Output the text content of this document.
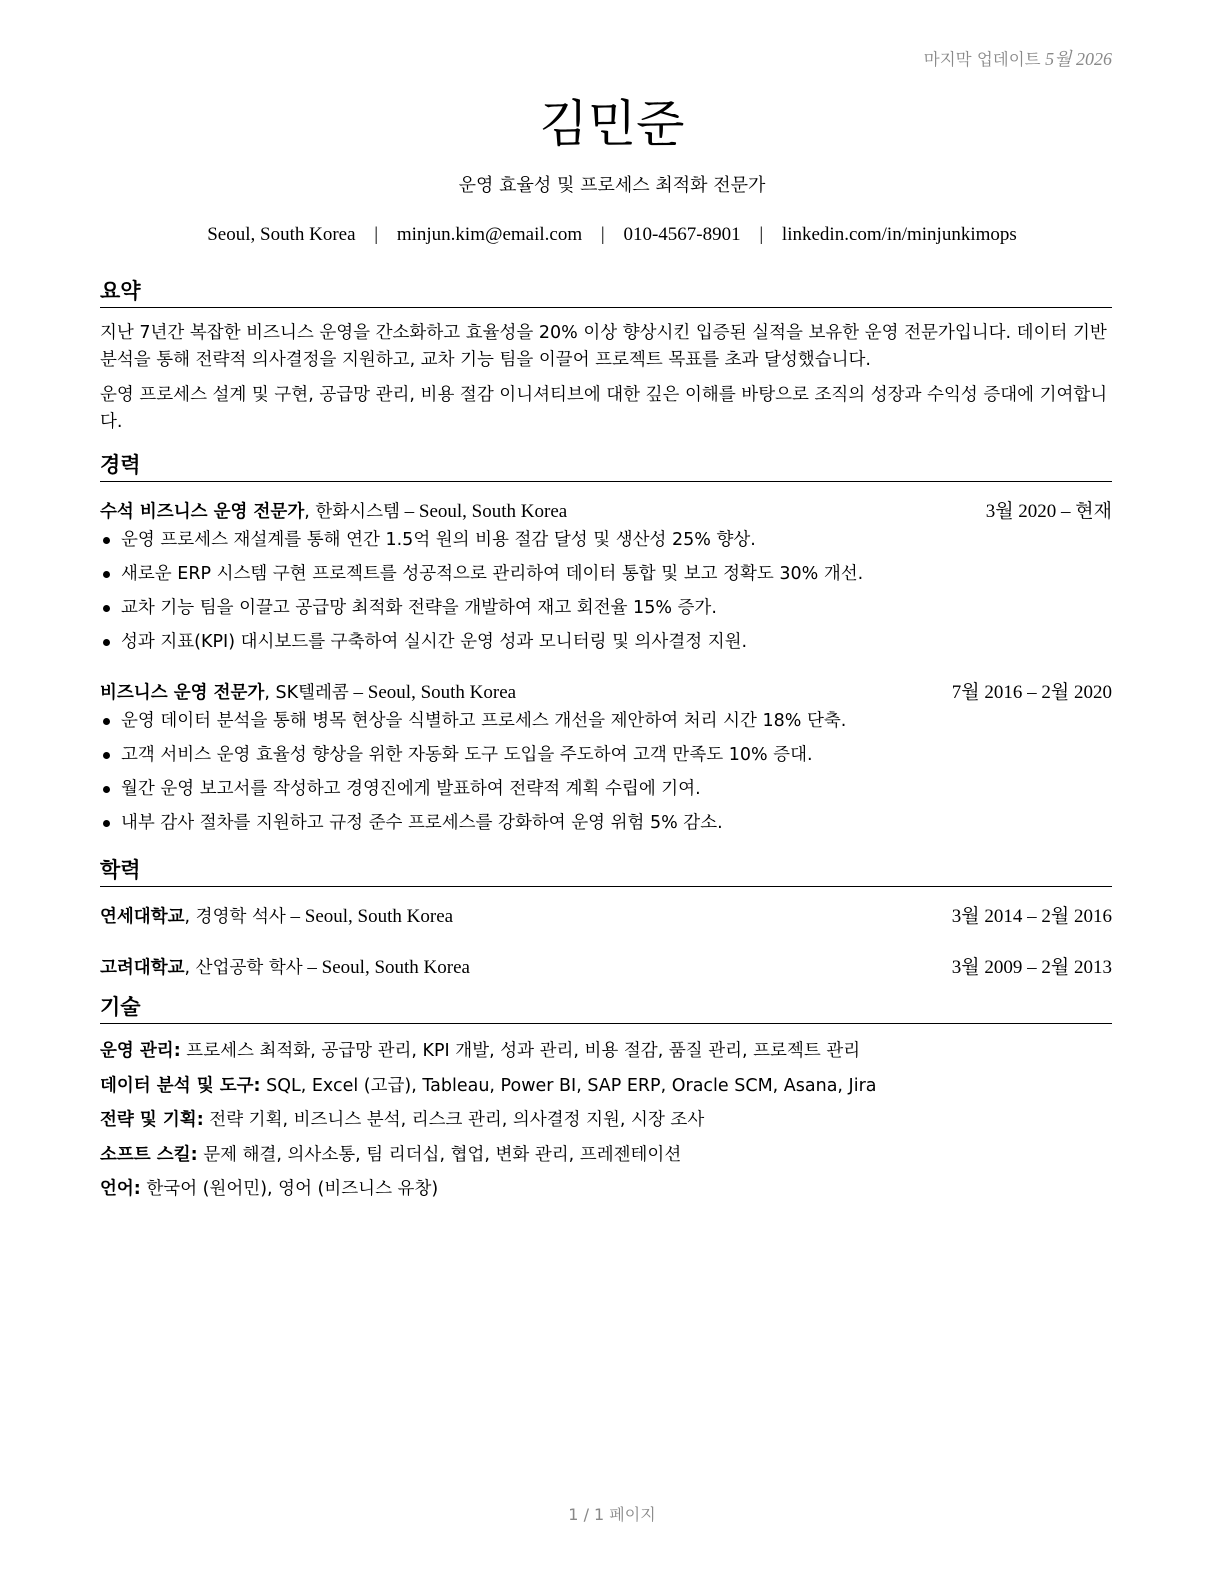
마지막 업데이트 5월 2026
김민준
운영 효율성 및 프로세스 최적화 전문가
Seoul, South Korea | minjun.kim@email.com | 010-4567-8901 | linkedin.com/in/minjunkimops
요약

지난 7년간 복잡한 비즈니스 운영을 간소화하고 효율성을 20% 이상 향상시킨 입증된 실적을 보유한 운영 전문가입니다. 데이터 기반 분석을 통해 전략적 의사결정을 지원하고, 교차 기능 팀을 이끌어 프로젝트 목표를 초과 달성했습니다.

운영 프로세스 설계 및 구현, 공급망 관리, 비용 절감 이니셔티브에 대한 깊은 이해를 바탕으로 조직의 성장과 수익성 증대에 기여합니다.

경력
수석 비즈니스 운영 전문가, 한화시스템 – Seoul, South Korea	3월 2020 – 현재
운영 프로세스 재설계를 통해 연간 1.5억 원의 비용 절감 달성 및 생산성 25% 향상.
새로운 ERP 시스템 구현 프로젝트를 성공적으로 관리하여 데이터 통합 및 보고 정확도 30% 개선.
교차 기능 팀을 이끌고 공급망 최적화 전략을 개발하여 재고 회전율 15% 증가.
성과 지표(KPI) 대시보드를 구축하여 실시간 운영 성과 모니터링 및 의사결정 지원.
비즈니스 운영 전문가, SK텔레콤 – Seoul, South Korea	7월 2016 – 2월 2020
운영 데이터 분석을 통해 병목 현상을 식별하고 프로세스 개선을 제안하여 처리 시간 18% 단축.
고객 서비스 운영 효율성 향상을 위한 자동화 도구 도입을 주도하여 고객 만족도 10% 증대.
월간 운영 보고서를 작성하고 경영진에게 발표하여 전략적 계획 수립에 기여.
내부 감사 절차를 지원하고 규정 준수 프로세스를 강화하여 운영 위험 5% 감소.
학력
연세대학교, 경영학 석사 – Seoul, South Korea	3월 2014 – 2월 2016
고려대학교, 산업공학 학사 – Seoul, South Korea	3월 2009 – 2월 2013
기술
운영 관리: 프로세스 최적화, 공급망 관리, KPI 개발, 성과 관리, 비용 절감, 품질 관리, 프로젝트 관리
데이터 분석 및 도구: SQL, Excel (고급), Tableau, Power BI, SAP ERP, Oracle SCM, Asana, Jira
전략 및 기획: 전략 기획, 비즈니스 분석, 리스크 관리, 의사결정 지원, 시장 조사
소프트 스킬: 문제 해결, 의사소통, 팀 리더십, 협업, 변화 관리, 프레젠테이션
언어: 한국어 (원어민), 영어 (비즈니스 유창)
1 / 1 페이지
